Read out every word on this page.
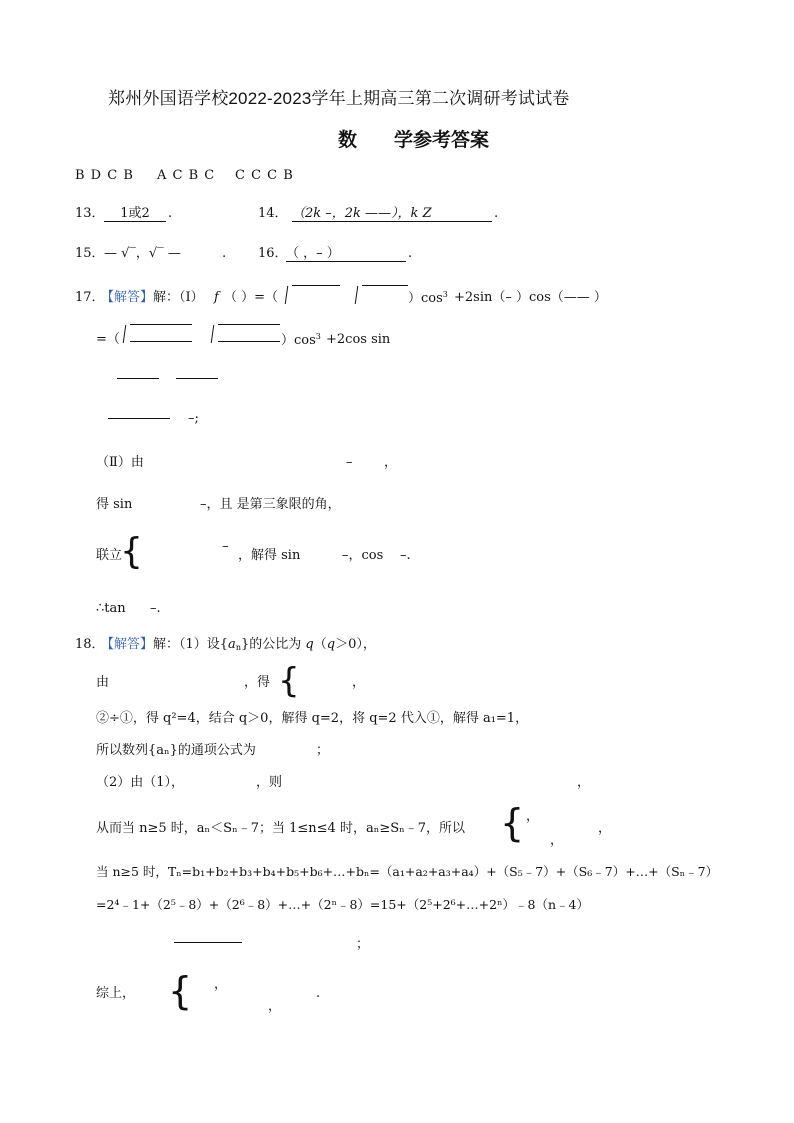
郑州外国语学校2022-2023学年上期高三第二次调研考试试卷
数 学参考答案
B D C B A C B C C C C B
13．	1或2	.	14． （2k –，2k ——），k Z	.
15． — √‾，√‾ —	. 16．
（ ，– ）	.
17．
【解答】 解：（Ⅰ） f （ ）=（	）$\cos^3 +2\sin(-$ ）cos（—— ）
=（	）$\cos^3 +2\cos$ sin
–;
（Ⅱ）由	– ，
得 sin	–，且 是第三象限的角，
联立
{	–
，解得 sin	–，cos –.
∴tan –.
18．
【解答】 解：（1）设$\{a_n\}$的公比为 q（q＞0），
由	，得 {	，
②÷①，得 q²=4，结合 q＞0，解得 q=2，将 q=2 代入①，解得 a₁=1，
所以数列{aₙ}的通项公式为	；
（2）由（1），	，则	，
从而当 n≥5 时，aₙ＜Sₙ﹣7；当 1≤n≤4 时，aₙ≥Sₙ﹣7，所以 { ，
，
，
当 n≥5 时，Tₙ=b₁+b₂+b₃+b₄+b₅+b₆+…+bₙ=（a₁+a₂+a₃+a₄）+（S₅﹣7）+（S₆﹣7）+…+（Sₙ﹣7）
=2⁴﹣1+（2⁵﹣8）+（2⁶﹣8）+…+（2ⁿ﹣8）=15+（2⁵+2⁶+…+2ⁿ）﹣8（n﹣4）
；
综上， { ，
，
.
